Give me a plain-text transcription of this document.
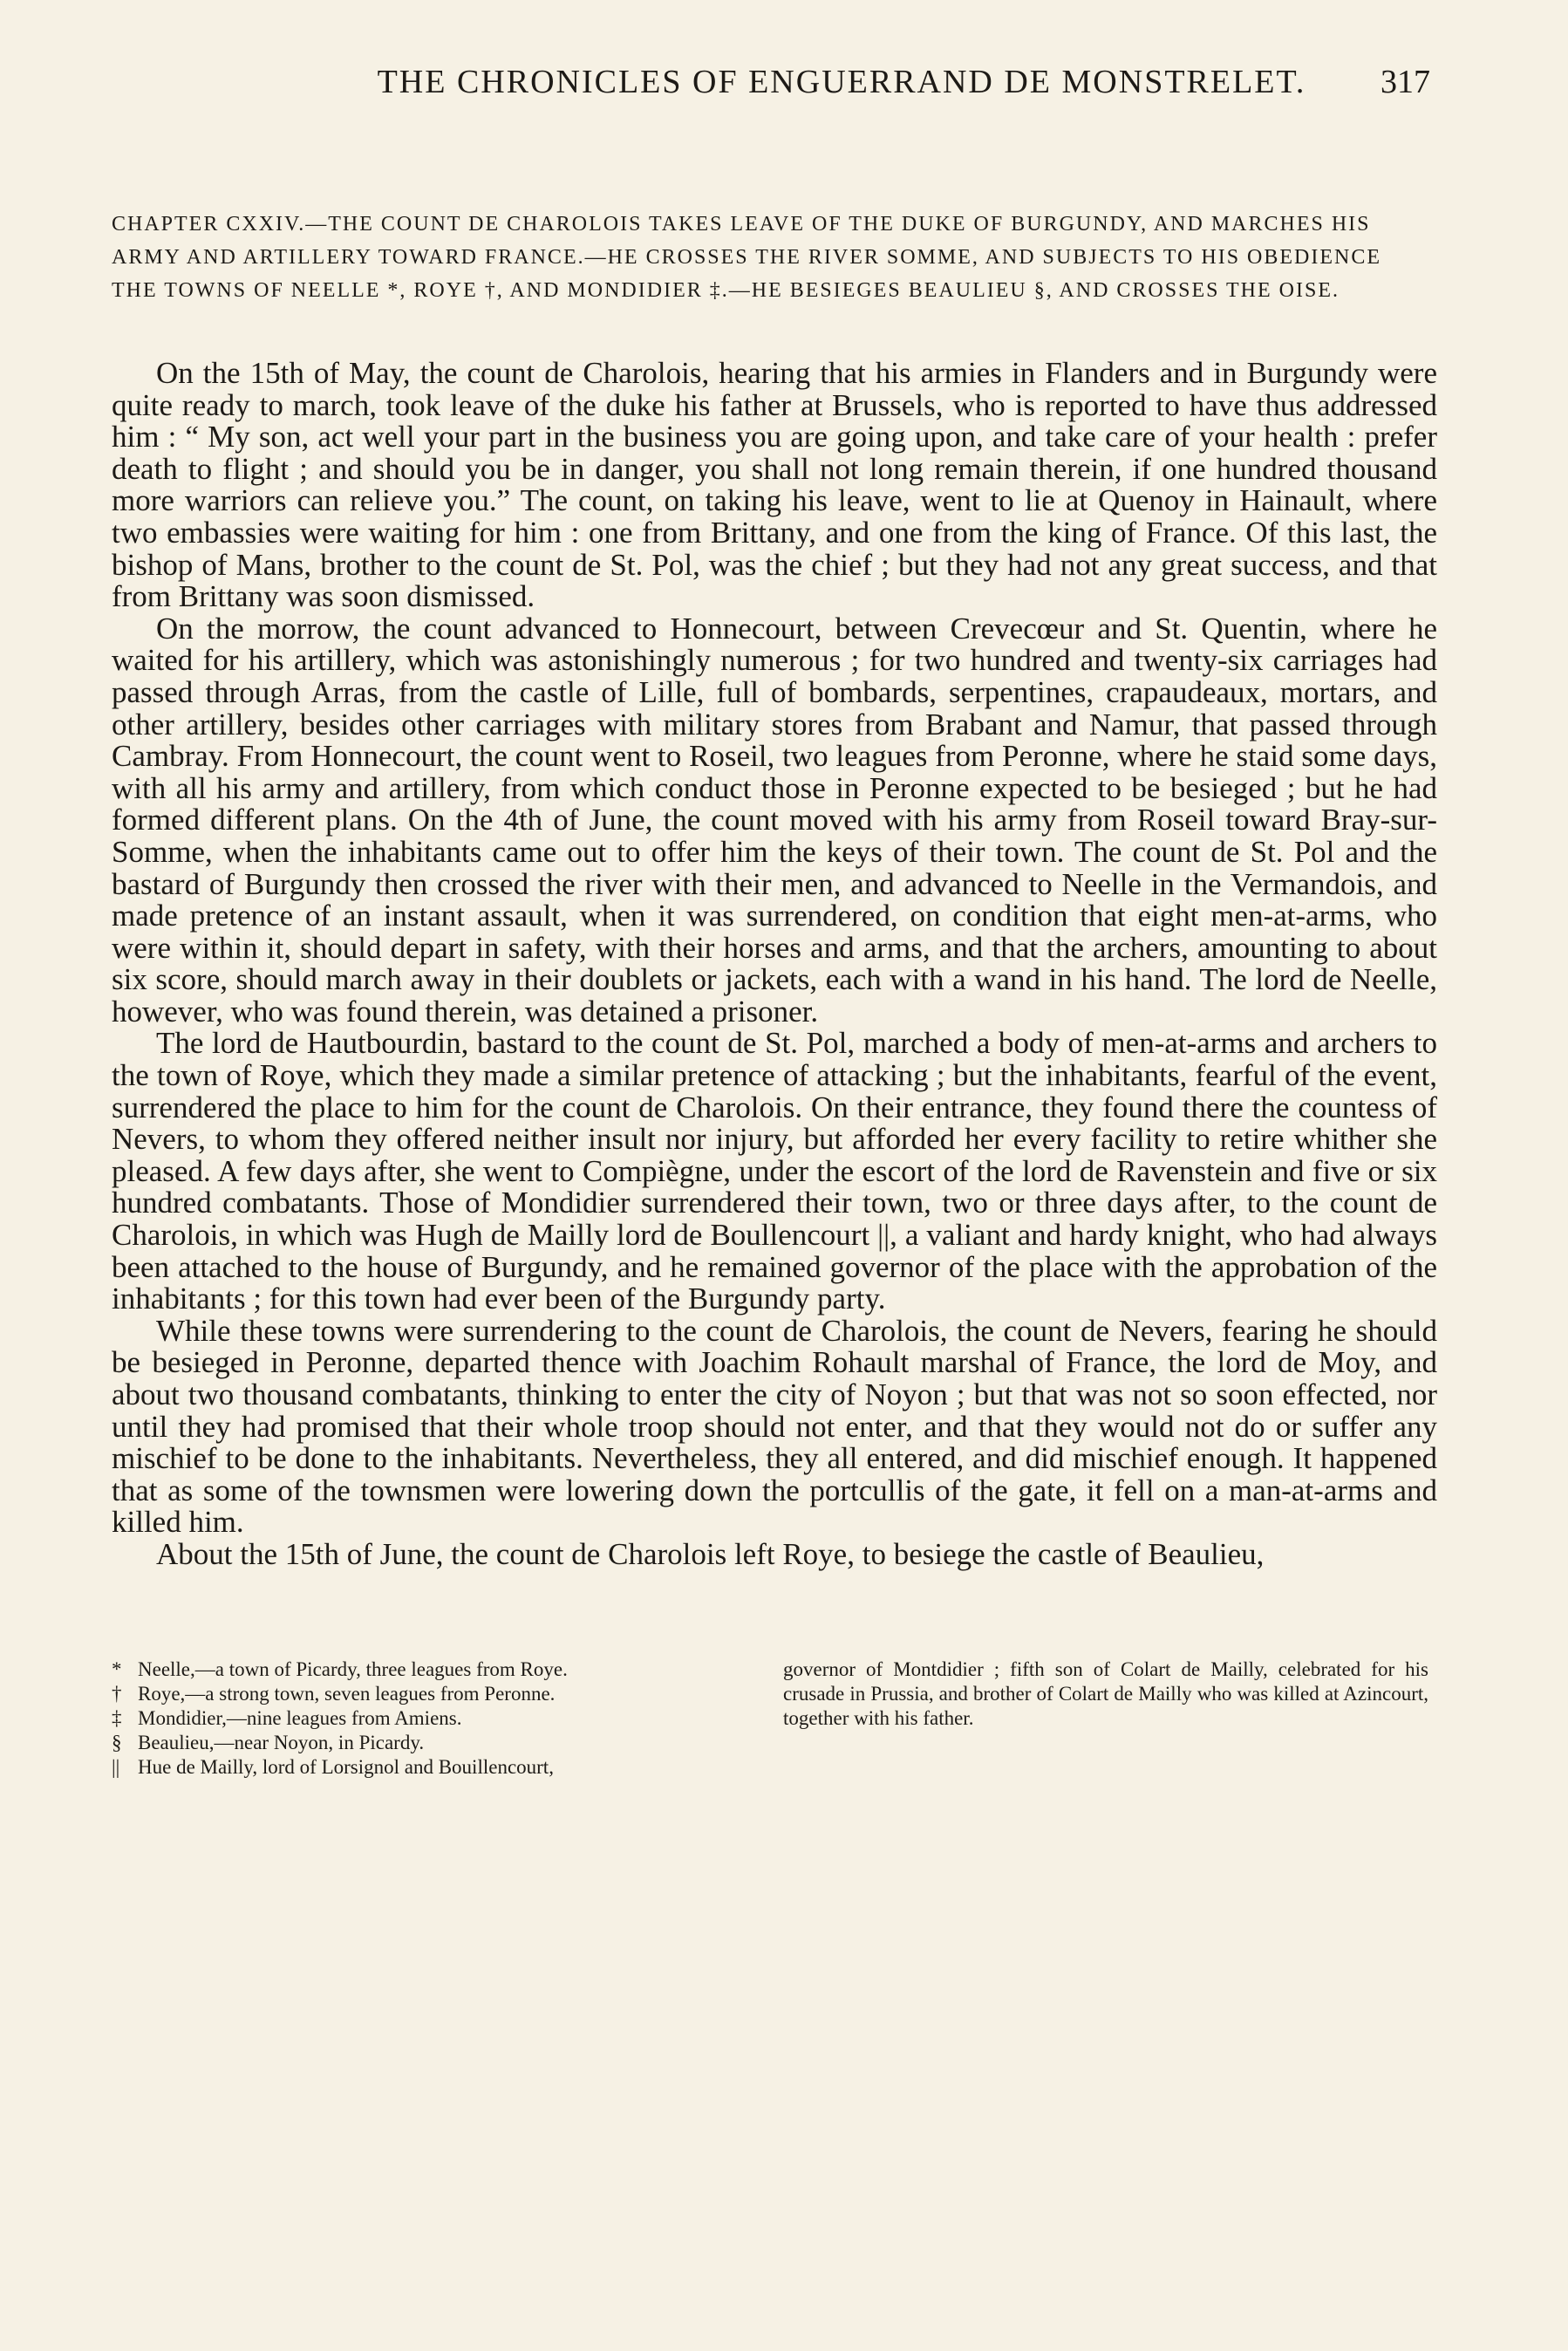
THE CHRONICLES OF ENGUERRAND DE MONSTRELET.	317
CHAPTER CXXIV.—THE COUNT DE CHAROLOIS TAKES LEAVE OF THE DUKE OF BURGUNDY, AND MARCHES HIS ARMY AND ARTILLERY TOWARD FRANCE.—HE CROSSES THE RIVER SOMME, AND SUBJECTS TO HIS OBEDIENCE THE TOWNS OF NEELLE *, ROYE †, AND MONDIDIER ‡.—HE BESIEGES BEAULIEU §, AND CROSSES THE OISE.

On the 15th of May, the count de Charolois, hearing that his armies in Flanders and in Burgundy were quite ready to march, took leave of the duke his father at Brussels, who is reported to have thus addressed him : “ My son, act well your part in the business you are going upon, and take care of your health : prefer death to flight ; and should you be in danger, you shall not long remain therein, if one hundred thousand more warriors can relieve you.” The count, on taking his leave, went to lie at Quenoy in Hainault, where two embassies were waiting for him : one from Brittany, and one from the king of France. Of this last, the bishop of Mans, brother to the count de St. Pol, was the chief ; but they had not any great success, and that from Brittany was soon dismissed.

On the morrow, the count advanced to Honnecourt, between Crevecœur and St. Quentin, where he waited for his artillery, which was astonishingly numerous ; for two hundred and twenty-six carriages had passed through Arras, from the castle of Lille, full of bombards, serpentines, crapaudeaux, mortars, and other artillery, besides other carriages with military stores from Brabant and Namur, that passed through Cambray. From Honnecourt, the count went to Roseil, two leagues from Peronne, where he staid some days, with all his army and artillery, from which conduct those in Peronne expected to be besieged ; but he had formed different plans. On the 4th of June, the count moved with his army from Roseil toward Bray-sur-Somme, when the inhabitants came out to offer him the keys of their town. The count de St. Pol and the bastard of Burgundy then crossed the river with their men, and advanced to Neelle in the Vermandois, and made pretence of an instant assault, when it was surrendered, on condition that eight men-at-arms, who were within it, should depart in safety, with their horses and arms, and that the archers, amounting to about six score, should march away in their doublets or jackets, each with a wand in his hand. The lord de Neelle, however, who was found therein, was detained a prisoner.

The lord de Hautbourdin, bastard to the count de St. Pol, marched a body of men-at-arms and archers to the town of Roye, which they made a similar pretence of attacking ; but the inhabitants, fearful of the event, surrendered the place to him for the count de Charolois. On their entrance, they found there the countess of Nevers, to whom they offered neither insult nor injury, but afforded her every facility to retire whither she pleased. A few days after, she went to Compiègne, under the escort of the lord de Ravenstein and five or six hundred combatants. Those of Mondidier surrendered their town, two or three days after, to the count de Charolois, in which was Hugh de Mailly lord de Boullencourt ||, a valiant and hardy knight, who had always been attached to the house of Burgundy, and he remained governor of the place with the approbation of the inhabitants ; for this town had ever been of the Burgundy party.

While these towns were surrendering to the count de Charolois, the count de Nevers, fearing he should be besieged in Peronne, departed thence with Joachim Rohault marshal of France, the lord de Moy, and about two thousand combatants, thinking to enter the city of Noyon ; but that was not so soon effected, nor until they had promised that their whole troop should not enter, and that they would not do or suffer any mischief to be done to the inhabitants. Nevertheless, they all entered, and did mischief enough. It happened that as some of the townsmen were lowering down the portcullis of the gate, it fell on a man-at-arms and killed him.

About the 15th of June, the count de Charolois left Roye, to besiege the castle of Beaulieu,

* Neelle,—a town of Picardy, three leagues from Roye.
† Roye,—a strong town, seven leagues from Peronne.
‡ Mondidier,—nine leagues from Amiens.
§ Beaulieu,—near Noyon, in Picardy.
|| Hue de Mailly, lord of Lorsignol and Bouillencourt,
governor of Montdidier ; fifth son of Colart de Mailly, celebrated for his crusade in Prussia, and brother of Colart de Mailly who was killed at Azincourt, together with his father.
